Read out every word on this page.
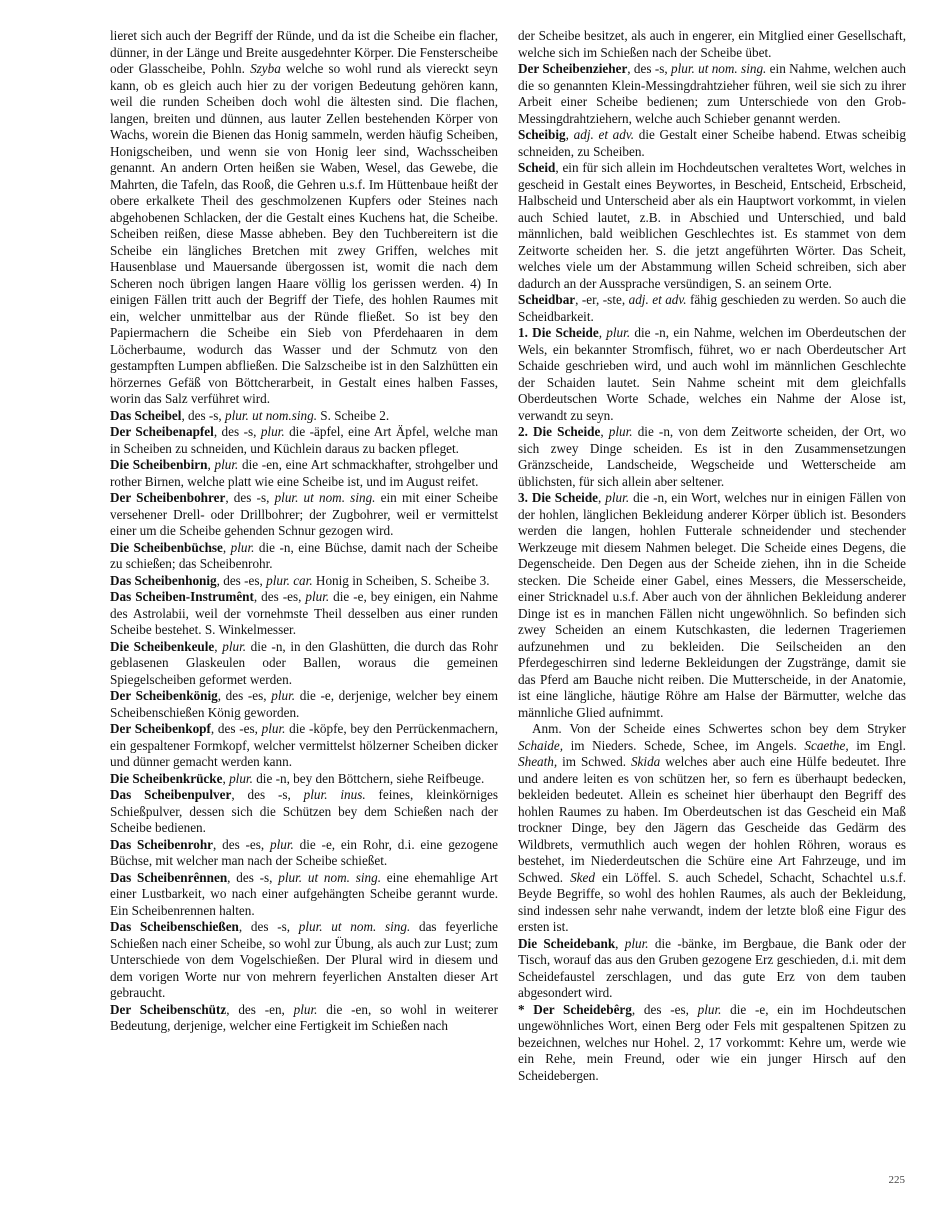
lieret sich auch der Begriff der Ründe, und da ist die Scheibe ein flacher, dünner, in der Länge und Breite ausgedehnter Körper. Die Fensterscheibe oder Glasscheibe, Pohln. Szyba welche so wohl rund als viereckt seyn kann, ob es gleich auch hier zu der vorigen Bedeutung gehören kann, weil die runden Scheiben doch wohl die ältesten sind. Die flachen, langen, breiten und dünnen, aus lauter Zellen bestehenden Körper von Wachs, worein die Bienen das Honig sammeln, werden häufig Scheiben, Honigscheiben, und wenn sie von Honig leer sind, Wachsscheiben genannt. An andern Orten heißen sie Waben, Wesel, das Gewebe, die Mahrten, die Tafeln, das Rooß, die Gehren u.s.f. Im Hüttenbaue heißt der obere erkalkete Theil des geschmolzenen Kupfers oder Steines nach abgehobenen Schlacken, der die Gestalt eines Kuchens hat, die Scheibe. Scheiben reißen, diese Masse abheben. Bey den Tuchbereitern ist die Scheibe ein längliches Bretchen mit zwey Griffen, welches mit Hausenblase und Mauersande übergossen ist, womit die nach dem Scheren noch übrigen langen Haare völlig los gerissen werden. 4) In einigen Fällen tritt auch der Begriff der Tiefe, des hohlen Raumes mit ein, welcher unmittelbar aus der Ründe fließet. So ist bey den Papiermachern die Scheibe ein Sieb von Pferdehaaren in dem Löcherbaume, wodurch das Wasser und der Schmutz von den gestampften Lumpen abfließen. Die Salzscheibe ist in den Salzhütten ein hörzernes Gefäß von Böttcherarbeit, in Gestalt eines halben Fasses, worin das Salz verführet wird.

Das Scheibel, des -s, plur. ut nom.sing. S. Scheibe 2.

Der Scheibenapfel, des -s, plur. die -äpfel, eine Art Äpfel, welche man in Scheiben zu schneiden, und Küchlein daraus zu backen pfleget.

Die Scheibenbirn, plur. die -en, eine Art schmackhafter, strohgelber und rother Birnen, welche platt wie eine Scheibe ist, und im August reifet.

Der Scheibenbohrer, des -s, plur. ut nom. sing. ein mit einer Scheibe versehener Drell- oder Drillbohrer; der Zugbohrer, weil er vermittelst einer um die Scheibe gehenden Schnur gezogen wird.

Die Scheibenbüchse, plur. die -n, eine Büchse, damit nach der Scheibe zu schießen; das Scheibenrohr.

Das Scheibenhonig, des -es, plur. car. Honig in Scheiben, S. Scheibe 3.

Das Scheiben-Instrumênt, des -es, plur. die -e, bey einigen, ein Nahme des Astrolabii, weil der vornehmste Theil desselben aus einer runden Scheibe bestehet. S. Winkelmesser.

Die Scheibenkeule, plur. die -n, in den Glashütten, die durch das Rohr geblasenen Glaskeulen oder Ballen, woraus die gemeinen Spiegelscheiben geformet werden.

Der Scheibenkönig, des -es, plur. die -e, derjenige, welcher bey einem Scheibenschießen König geworden.

Der Scheibenkopf, des -es, plur. die -köpfe, bey den Perrückenmachern, ein gespaltener Formkopf, welcher vermittelst hölzerner Scheiben dicker und dünner gemacht werden kann.

Die Scheibenkrücke, plur. die -n, bey den Böttchern, siehe Reifbeuge.

Das Scheibenpulver, des -s, plur. inus. feines, kleinkörniges Schießpulver, dessen sich die Schützen bey dem Schießen nach der Scheibe bedienen.

Das Scheibenrohr, des -es, plur. die -e, ein Rohr, d.i. eine gezogene Büchse, mit welcher man nach der Scheibe schießet.

Das Scheibenrênnen, des -s, plur. ut nom. sing. eine ehemahlige Art einer Lustbarkeit, wo nach einer aufgehängten Scheibe gerannt wurde. Ein Scheibenrennen halten.

Das Scheibenschießen, des -s, plur. ut nom. sing. das feyerliche Schießen nach einer Scheibe, so wohl zur Übung, als auch zur Lust; zum Unterschiede von dem Vogelschießen. Der Plural wird in diesem und dem vorigen Worte nur von mehrern feyerlichen Anstalten dieser Art gebraucht.

Der Scheibenschütz, des -en, plur. die -en, so wohl in weiterer Bedeutung, derjenige, welcher eine Fertigkeit im Schießen nach

der Scheibe besitzet, als auch in engerer, ein Mitglied einer Gesellschaft, welche sich im Schießen nach der Scheibe übet.

Der Scheibenzieher, des -s, plur. ut nom. sing. ein Nahme, welchen auch die so genannten Klein-Messingdrahtzieher führen, weil sie sich zu ihrer Arbeit einer Scheibe bedienen; zum Unterschiede von den Grob-Messingdrahtziehern, welche auch Schieber genannt werden.

Scheibig, adj. et adv. die Gestalt einer Scheibe habend. Etwas scheibig schneiden, zu Scheiben.

Scheid, ein für sich allein im Hochdeutschen veraltetes Wort, welches in gescheid in Gestalt eines Beywortes, in Bescheid, Entscheid, Erbscheid, Halbscheid und Unterscheid aber als ein Hauptwort vorkommt, in vielen auch Schied lautet, z.B. in Abschied und Unterschied, und bald männlichen, bald weiblichen Geschlechtes ist. Es stammet von dem Zeitworte scheiden her. S. die jetzt angeführten Wörter. Das Scheit, welches viele um der Abstammung willen Scheid schreiben, sich aber dadurch an der Aussprache versündigen, S. an seinem Orte.

Scheidbar, -er, -ste, adj. et adv. fähig geschieden zu werden. So auch die Scheidbarkeit.

1. Die Scheide, plur. die -n, ein Nahme, welchen im Oberdeutschen der Wels, ein bekannter Stromfisch, führet, wo er nach Oberdeutscher Art Schaide geschrieben wird, und auch wohl im männlichen Geschlechte der Schaiden lautet. Sein Nahme scheint mit dem gleichfalls Oberdeutschen Worte Schade, welches ein Nahme der Alose ist, verwandt zu seyn.

2. Die Scheide, plur. die -n, von dem Zeitworte scheiden, der Ort, wo sich zwey Dinge scheiden. Es ist in den Zusammensetzungen Gränzscheide, Landscheide, Wegscheide und Wetterscheide am üblichsten, für sich allein aber seltener.

3. Die Scheide, plur. die -n, ein Wort, welches nur in einigen Fällen von der hohlen, länglichen Bekleidung anderer Körper üblich ist. Besonders werden die langen, hohlen Futterale schneidender und stechender Werkzeuge mit diesem Nahmen beleget. Die Scheide eines Degens, die Degenscheide. Den Degen aus der Scheide ziehen, ihn in die Scheide stecken. Die Scheide einer Gabel, eines Messers, die Messerscheide, einer Stricknadel u.s.f. Aber auch von der ähnlichen Bekleidung anderer Dinge ist es in manchen Fällen nicht ungewöhnlich. So befinden sich zwey Scheiden an einem Kutschkasten, die ledernen Trageriemen aufzunehmen und zu bekleiden. Die Seilscheiden an den Pferdegeschirren sind lederne Bekleidungen der Zugstränge, damit sie das Pferd am Bauche nicht reiben. Die Mutterscheide, in der Anatomie, ist eine längliche, häutige Röhre am Halse der Bärmutter, welche das männliche Glied aufnimmt.

Anm. Von der Scheide eines Schwertes schon bey dem Stryker Schaide, im Nieders. Schede, Schee, im Angels. Scaethe, im Engl. Sheath, im Schwed. Skida welches aber auch eine Hülfe bedeutet. Ihre und andere leiten es von schützen her, so fern es überhaupt bedecken, bekleiden bedeutet. Allein es scheinet hier überhaupt den Begriff des hohlen Raumes zu haben. Im Oberdeutschen ist das Gescheid ein Maß trockner Dinge, bey den Jägern das Gescheide das Gedärm des Wildbrets, vermuthlich auch wegen der hohlen Röhren, woraus es bestehet, im Niederdeutschen die Schüre eine Art Fahrzeuge, und im Schwed. Sked ein Löffel. S. auch Schedel, Schacht, Schachtel u.s.f. Beyde Begriffe, so wohl des hohlen Raumes, als auch der Bekleidung, sind indessen sehr nahe verwandt, indem der letzte bloß eine Figur des ersten ist.

Die Scheidebank, plur. die -bänke, im Bergbaue, die Bank oder der Tisch, worauf das aus den Gruben gezogene Erz geschieden, d.i. mit dem Scheidefaustel zerschlagen, und das gute Erz von dem tauben abgesondert wird.

* Der Scheidebêrg, des -es, plur. die -e, ein im Hochdeutschen ungewöhnliches Wort, einen Berg oder Fels mit gespaltenen Spitzen zu bezeichnen, welches nur Hohel. 2, 17 vorkommt: Kehre um, werde wie ein Rehe, mein Freund, oder wie ein junger Hirsch auf den Scheidebergen.

225
